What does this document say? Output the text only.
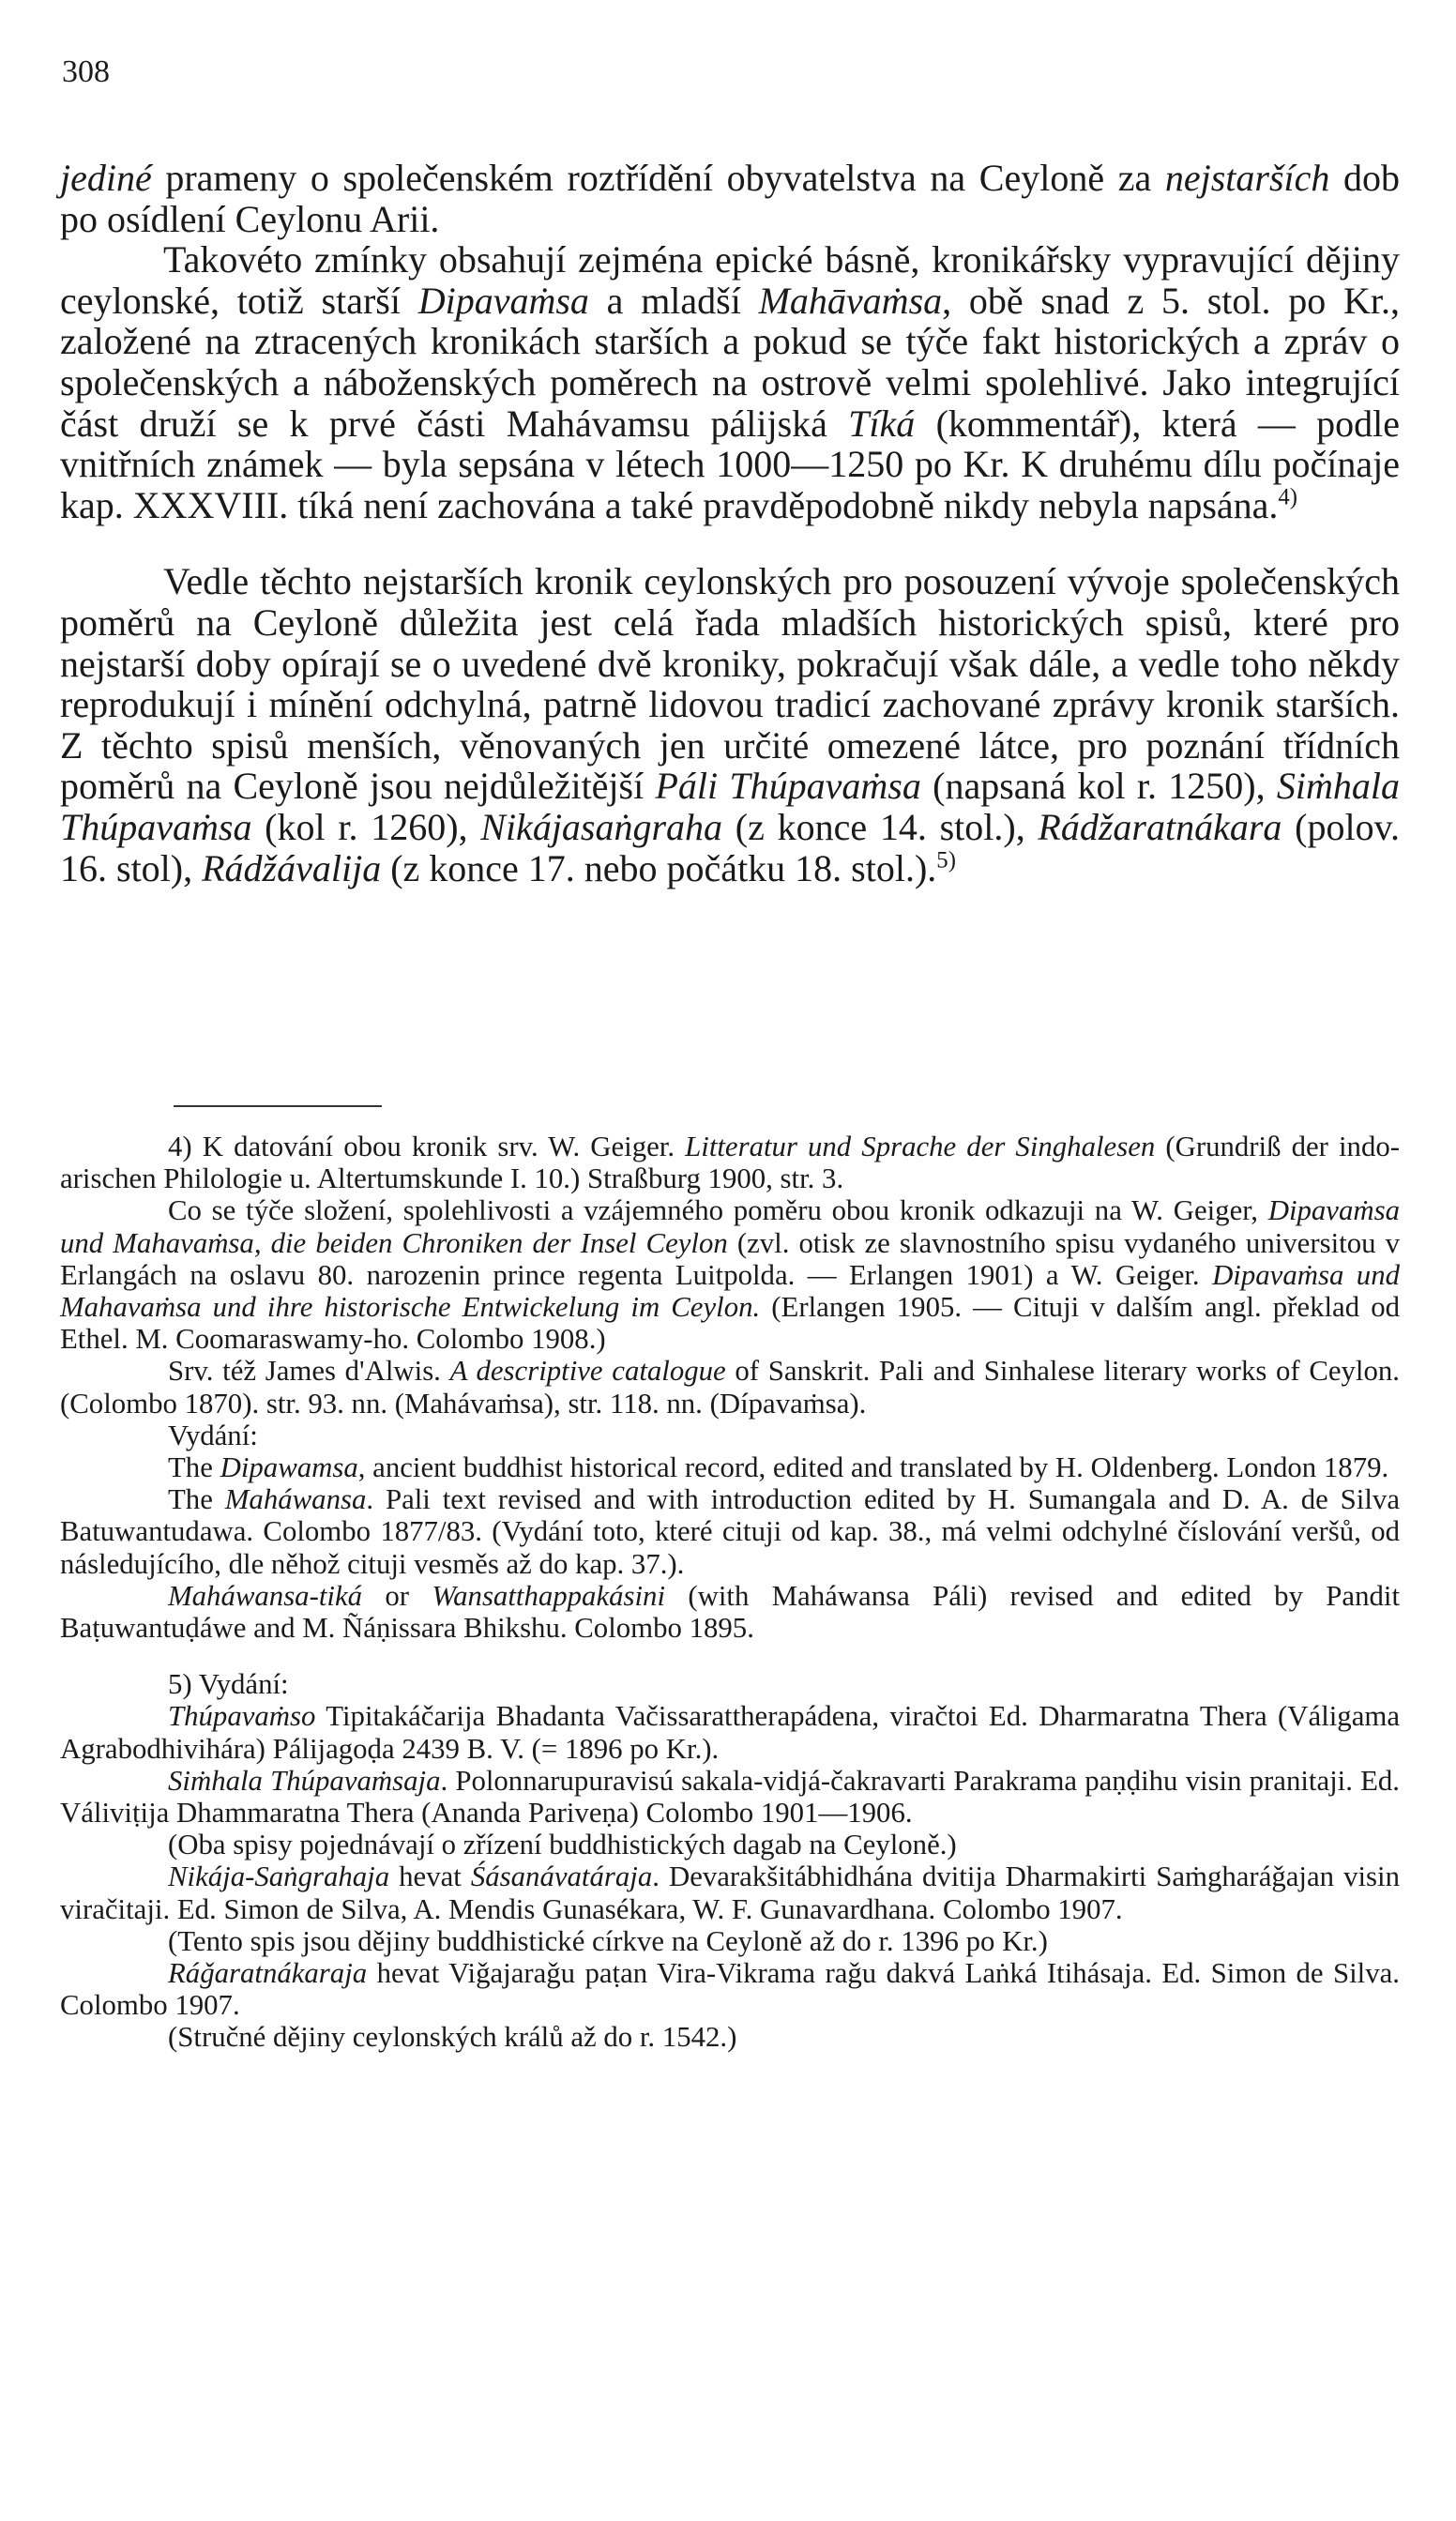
308

jediné prameny o společenském roztřídění obyvatelstva na Ceyloně za nejstarších dob po osídlení Ceylonu Arii.

Takovéto zmínky obsahují zejména epické básně, kronikářsky vypravující dějiny ceylonské, totiž starší Dipavaṁsa a mladší Mahāvaṁsa, obě snad z 5. stol. po Kr., založené na ztracených kronikách starších a pokud se týče fakt historických a zpráv o společenských a náboženských poměrech na ostrově velmi spolehlivé. Jako integrující část druží se k prvé části Mahávamsu pálijská Tíká (kommentář), která — podle vnitřních známek — byla sepsána v létech 1000—1250 po Kr. K druhému dílu počínaje kap. XXXVIII. tíká není zachována a také pravděpodobně nikdy nebyla napsána.$^{4)}$

Vedle těchto nejstarších kronik ceylonských pro posouzení vývoje společenských poměrů na Ceyloně důležita jest celá řada mladších historických spisů, které pro nejstarší doby opírají se o uvedené dvě kroniky, pokračují však dále, a vedle toho někdy reprodukují i mínění odchylná, patrně lidovou tradicí zachované zprávy kronik starších. Z těchto spisů menších, věnovaných jen určité omezené látce, pro poznání třídních poměrů na Ceyloně jsou nejdůležitější Páli Thúpavaṁsa (napsaná kol r. 1250), Siṁhala Thúpavaṁsa (kol r. 1260), Nikájasaṅgraha (z konce 14. stol.), Rádžaratnákara (polov. 16. stol), Rádžávalija (z konce 17. nebo počátku 18. stol.).$^{5)}$

4) K datování obou kronik srv. W. Geiger. Litteratur und Sprache der Singhalesen (Grundriß der indo-arischen Philologie u. Altertumskunde I. 10.) Straßburg 1900, str. 3.

Co se týče složení, spolehlivosti a vzájemného poměru obou kronik odkazuji na W. Geiger, Dipavaṁsa und Mahavaṁsa, die beiden Chroniken der Insel Ceylon (zvl. otisk ze slavnostního spisu vydaného universitou v Erlangách na oslavu 80. narozenin prince regenta Luitpolda. — Erlangen 1901) a W. Geiger. Dipavaṁsa und Mahavaṁsa und ihre historische Entwickelung im Ceylon. (Erlangen 1905. — Cituji v dalším angl. překlad od Ethel. M. Coomaraswamy-ho. Colombo 1908.)

Srv. též James d'Alwis. A descriptive catalogue of Sanskrit. Pali and Sinhalese literary works of Ceylon. (Colombo 1870). str. 93. nn. (Mahávaṁsa), str. 118. nn. (Dípavaṁsa).

Vydání:

The Dipawamsa, ancient buddhist historical record, edited and translated by H. Oldenberg. London 1879.

The Maháwansa. Pali text revised and with introduction edited by H. Sumangala and D. A. de Silva Batuwantudawa. Colombo 1877/83. (Vydání toto, které cituji od kap. 38., má velmi odchylné číslování veršů, od následujícího, dle něhož cituji vesměs až do kap. 37.).

Maháwansa-tiká or Wansatthappakásini (with Maháwansa Páli) revised and edited by Pandit Baṭuwantuḍáwe and M. Ñáṇissara Bhikshu. Colombo 1895.

5) Vydání:

Thúpavaṁso Tipitakáčarija Bhadanta Vačissarattherapádena, viračtoi Ed. Dharmaratna Thera (Váligama Agrabodhivihára) Pálijagoḍa 2439 B. V. (= 1896 po Kr.).

Siṁhala Thúpavaṁsaja. Polonnarupuravisú sakala-vidjá-čakravarti Parakrama paṇḍihu visin pranitaji. Ed. Váliviṭija Dhammaratna Thera (Ananda Pariveṇa) Colombo 1901—1906.

(Oba spisy pojednávají o zřízení buddhistických dagab na Ceyloně.)

Nikája-Saṅgrahaja hevat Śásanávatáraja. Devarakšitábhidhána dvitija Dharmakirti Saṁgharáǧajan visin viračitaji. Ed. Simon de Silva, A. Mendis Gunasékara, W. F. Gunavardhana. Colombo 1907.

(Tento spis jsou dějiny buddhistické církve na Ceyloně až do r. 1396 po Kr.)

Ráǧaratnákaraja hevat Viǧajaraǧu paṭan Vira-Vikrama raǧu dakvá Laṅká Itihásaja. Ed. Simon de Silva. Colombo 1907.

(Stručné dějiny ceylonských králů až do r. 1542.)
